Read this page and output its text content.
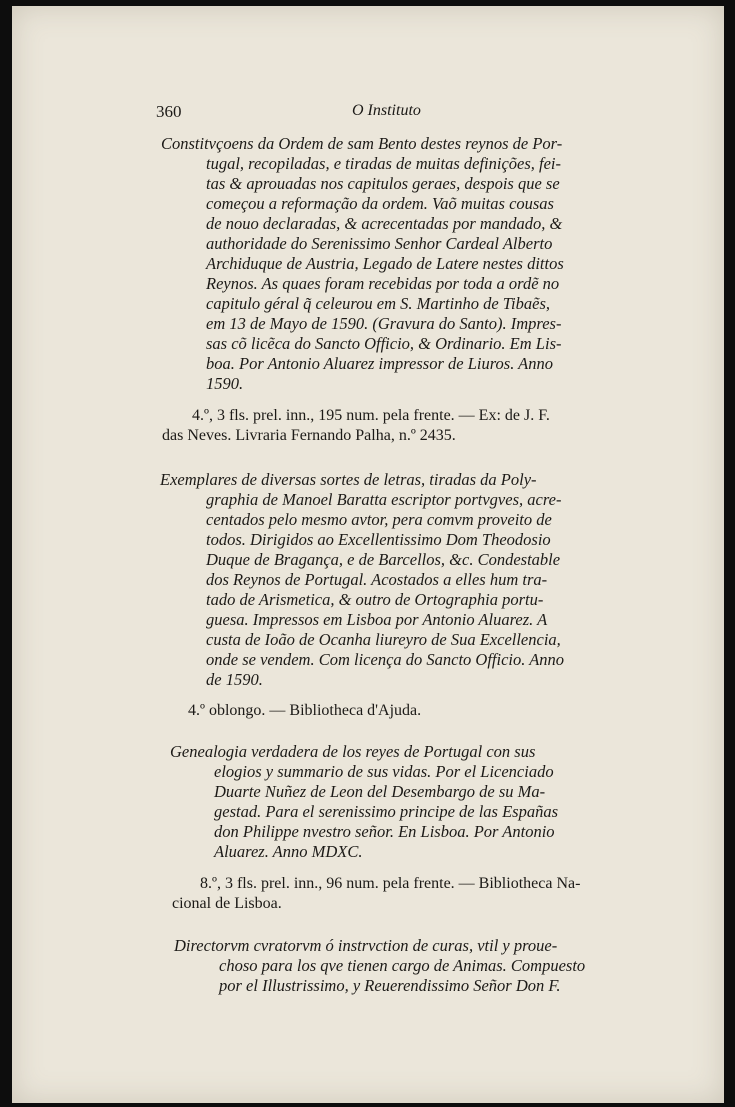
360	O Instituto
Constitvçoens da Ordem de sam Bento destes reynos de Por-
tugal, recopiladas, e tiradas de muitas definições, fei-
tas & aprouadas nos capitulos geraes, despois que se
começou a reformação da ordem. Vaõ muitas cousas
de nouo declaradas, & acrecentadas por mandado, &
authoridade do Serenissimo Senhor Cardeal Alberto
Archiduque de Austria, Legado de Latere nestes dittos
Reynos. As quaes foram recebidas por toda a ordẽ no
capitulo géral q̃ celeurou em S. Martinho de Tibaẽs,
em 13 de Mayo de 1590. (Gravura do Santo). Impres-
sas cõ licẽca do Sancto Officio, & Ordinario. Em Lis-
boa. Por Antonio Aluarez impressor de Liuros. Anno
1590.
4.º, 3 fls. prel. inn., 195 num. pela frente. — Ex: de J. F.
das Neves. Livraria Fernando Palha, n.º 2435.
Exemplares de diversas sortes de letras, tiradas da Poly-
graphia de Manoel Baratta escriptor portvgves, acre-
centados pelo mesmo avtor, pera comvm proveito de
todos. Dirigidos ao Excellentissimo Dom Theodosio
Duque de Bragança, e de Barcellos, &c. Condestable
dos Reynos de Portugal. Acostados a elles hum tra-
tado de Arismetica, & outro de Ortographia portu-
guesa. Impressos em Lisboa por Antonio Aluarez. A
custa de Ioão de Ocanha liureyro de Sua Excellencia,
onde se vendem. Com licença do Sancto Officio. Anno
de 1590.
4.º oblongo. — Bibliotheca d'Ajuda.
Genealogia verdadera de los reyes de Portugal con sus
elogios y summario de sus vidas. Por el Licenciado
Duarte Nuñez de Leon del Desembargo de su Ma-
gestad. Para el serenissimo principe de las Españas
don Philippe nvestro señor. En Lisboa. Por Antonio
Aluarez. Anno MDXC.
8.º, 3 fls. prel. inn., 96 num. pela frente. — Bibliotheca Na-
cional de Lisboa.
Directorvm cvratorvm ó instrvction de curas, vtil y proue-
choso para los qve tienen cargo de Animas. Compuesto
por el Illustrissimo, y Reuerendissimo Señor Don F.
